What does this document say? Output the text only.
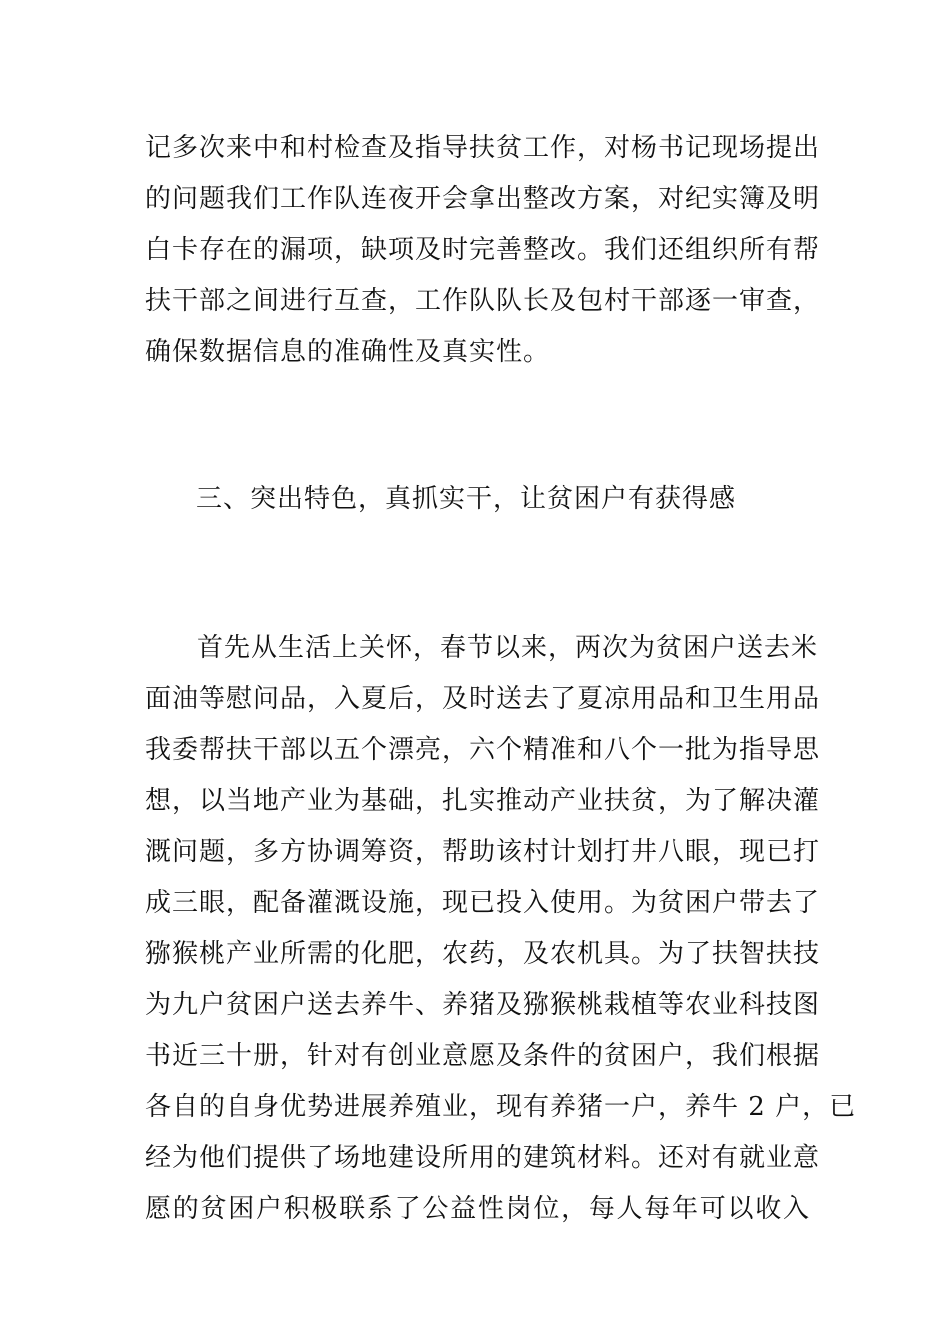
记多次来中和村检查及指导扶贫工作，对杨书记现场提出
的问题我们工作队连夜开会拿出整改方案，对纪实簿及明
白卡存在的漏项，缺项及时完善整改。我们还组织所有帮
扶干部之间进行互查，工作队队长及包村干部逐一审查，
确保数据信息的准确性及真实性。
三、突出特色，真抓实干，让贫困户有获得感
首先从生活上关怀，春节以来，两次为贫困户送去米
面油等慰问品，入夏后，及时送去了夏凉用品和卫生用品
我委帮扶干部以五个漂亮，六个精准和八个一批为指导思
想，以当地产业为基础，扎实推动产业扶贫，为了解决灌
溉问题，多方协调筹资，帮助该村计划打井八眼，现已打
成三眼，配备灌溉设施，现已投入使用。为贫困户带去了
猕猴桃产业所需的化肥，农药，及农机具。为了扶智扶技
为九户贫困户送去养牛、养猪及猕猴桃栽植等农业科技图
书近三十册，针对有创业意愿及条件的贫困户，我们根据
各自的自身优势进展养殖业，现有养猪一户，养牛 2 户，已
经为他们提供了场地建设所用的建筑材料。还对有就业意
愿的贫困户积极联系了公益性岗位，每人每年可以收入
